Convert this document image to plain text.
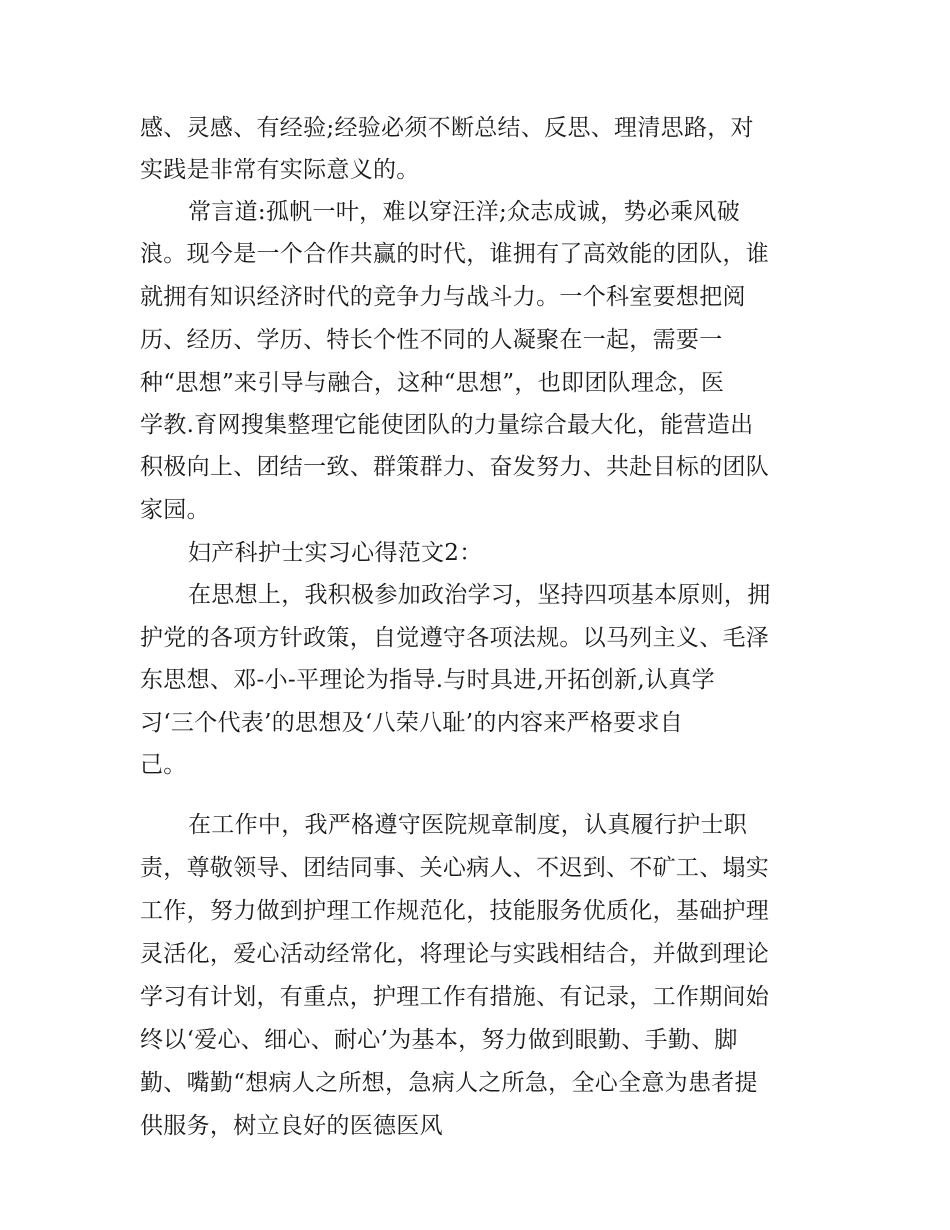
感、灵感、有经验;经验必须不断总结、反思、理清思路，对
实践是非常有实际意义的。
常言道:孤帆一叶，难以穿汪洋;众志成诚，势必乘风破
浪。现今是一个合作共赢的时代，谁拥有了高效能的团队，谁
就拥有知识经济时代的竞争力与战斗力。一个科室要想把阅
历、经历、学历、特长个性不同的人凝聚在一起，需要一
种“思想”来引导与融合，这种“思想”，也即团队理念，医
学教.育网搜集整理它能使团队的力量综合最大化，能营造出
积极向上、团结一致、群策群力、奋发努力、共赴目标的团队
家园。
妇产科护士实习心得范文2：
在思想上，我积极参加政治学习，坚持四项基本原则，拥
护党的各项方针政策，自觉遵守各项法规。以马列主义、毛泽
东思想、邓-小-平理论为指导.与时具进,开拓创新,认真学
习‘三个代表’的思想及‘八荣八耻’的内容来严格要求自
己。
在工作中，我严格遵守医院规章制度，认真履行护士职
责，尊敬领导、团结同事、关心病人、不迟到、不矿工、塌实
工作，努力做到护理工作规范化，技能服务优质化，基础护理
灵活化，爱心活动经常化，将理论与实践相结合，并做到理论
学习有计划，有重点，护理工作有措施、有记录，工作期间始
终以‘爱心、细心、耐心’为基本，努力做到眼勤、手勤、脚
勤、嘴勤“想病人之所想，急病人之所急，全心全意为患者提
供服务，树立良好的医德医风
